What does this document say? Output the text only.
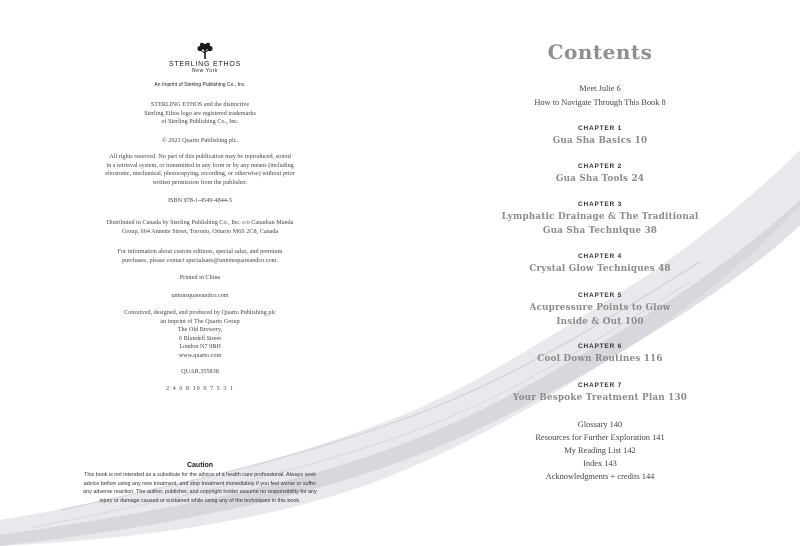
STERLING ETHOS
New York
An Imprint of Sterling Publishing Co., Inc.
STERLING ETHOS and the distinctive
Sterling Ethos logo are registered trademarks
of Sterling Publishing Co., Inc.
© 2023 Quarto Publishing plc.
All rights reserved. No part of this publication may be reproduced, stored
in a retrieval system, or transmitted in any form or by any means (including
electronic, mechanical, photocopying, recording, or otherwise) without prior
written permission from the publisher.
ISBN 978-1-4549-4844-5
Distributed in Canada by Sterling Publishing Co., Inc. c/o Canadian Manda
Group, 664 Annette Street, Toronto, Ontario M6S 2C8, Canada
For information about custom editions, special sales, and premium
purchases, please contact specialsaes@unionsquareandco.com.
Printed in China
unionsquareandco.com
Conceived, designed, and produced by Quarto Publishing plc
an imprint of The Quarto Group
The Old Brewery,
6 Blundell Street
London N7 9BH
www.quarto.com
QUAR.355838
2 4 6 8 10 9 7 5 3 1
Caution
This book is not intended as a substitute for the advice of a health care professional. Always seek
advice before using any new treatment, and stop treatment immediately if you feel worse or suffer
any adverse reaction. The author, publisher, and copyright holder assume no responsibility for any
injury or damage caused or sustained while using any of the techniques in this book.
Contents
Meet Julie 6
How to Navigate Through This Book 8
CHAPTER 1
Gua Sha Basics 10
CHAPTER 2
Gua Sha Tools 24
CHAPTER 3
Lymphatic Drainage & The Traditional
Gua Sha Technique 38
CHAPTER 4
Crystal Glow Techniques 48
CHAPTER 5
Acupressure Points to Glow
Inside & Out 100
CHAPTER 6
Cool Down Routines 116
CHAPTER 7
Your Bespoke Treatment Plan 130
Glossary 140
Resources for Further Exploration 141
My Reading List 142
Index 143
Acknowledgments + credits 144
